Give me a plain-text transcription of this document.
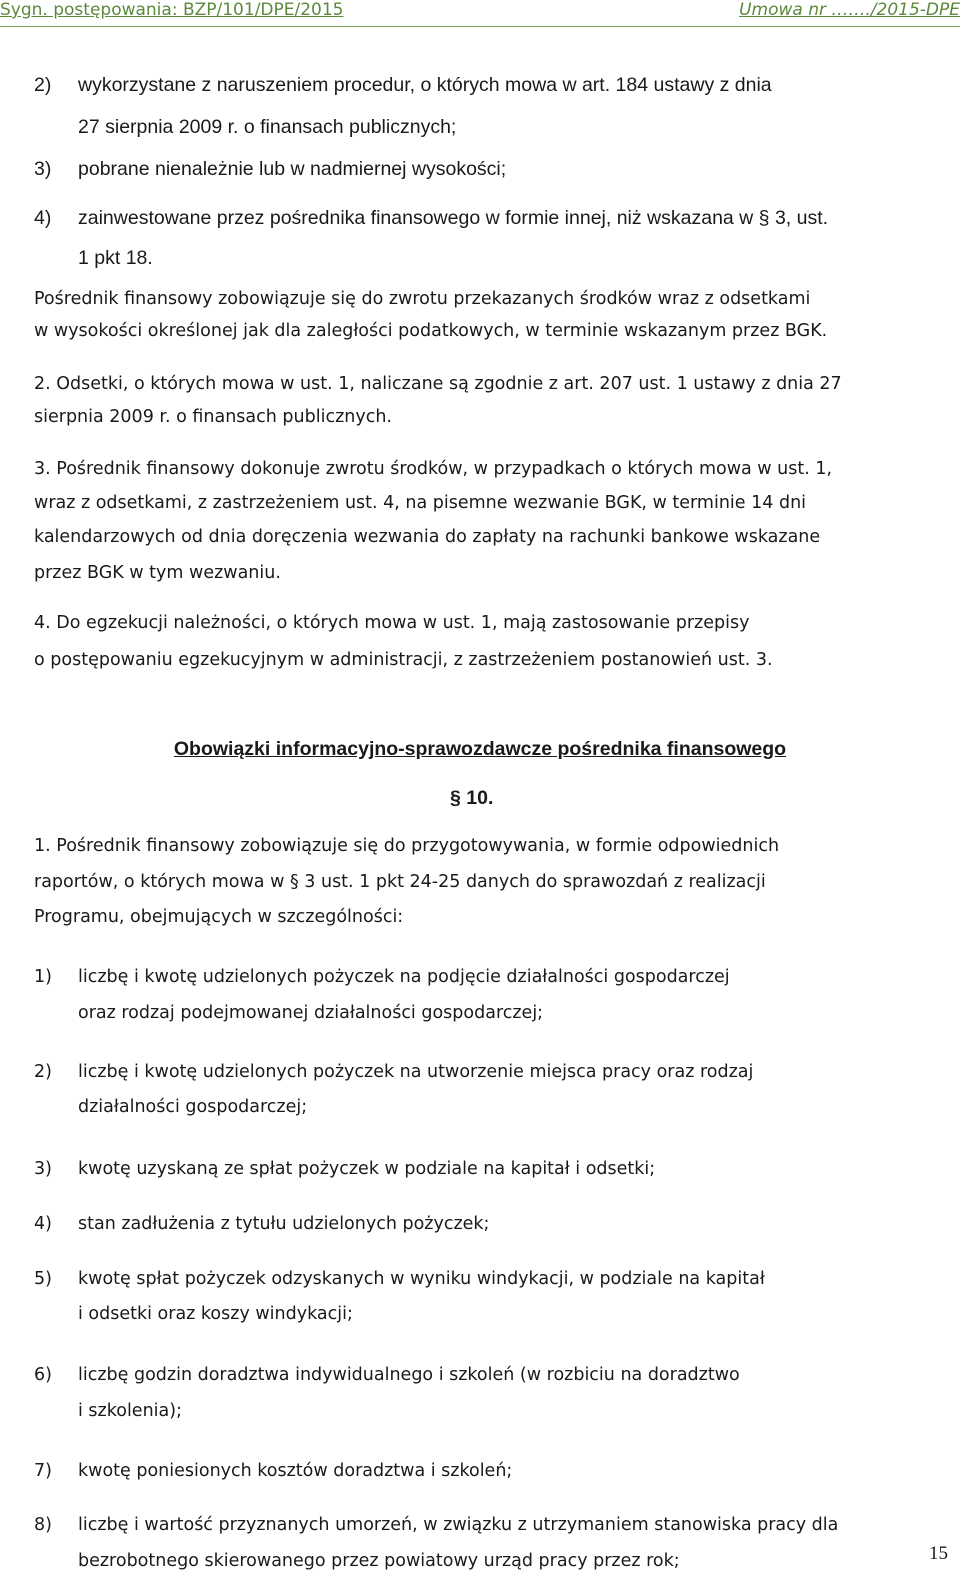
Sygn. postępowania: BZP/101/DPE/2015	Umowa nr ……./2015-DPE
2) wykorzystane z naruszeniem procedur, o których mowa w art. 184 ustawy z dnia
27 sierpnia 2009 r. o finansach publicznych;
3) pobrane nienależnie lub w nadmiernej wysokości;
4) zainwestowane przez pośrednika finansowego w formie innej, niż wskazana w § 3, ust.
1 pkt 18.
Pośrednik finansowy zobowiązuje się do zwrotu przekazanych środków wraz z odsetkami
w wysokości określonej jak dla zaległości podatkowych, w terminie wskazanym przez BGK.
2. Odsetki, o których mowa w ust. 1, naliczane są zgodnie z art. 207 ust. 1 ustawy z dnia 27
sierpnia 2009 r. o finansach publicznych.
3. Pośrednik finansowy dokonuje zwrotu środków, w przypadkach o których mowa w ust. 1,
wraz z odsetkami, z zastrzeżeniem ust. 4, na pisemne wezwanie BGK, w terminie 14 dni
kalendarzowych od dnia doręczenia wezwania do zapłaty na rachunki bankowe wskazane
przez BGK w tym wezwaniu.
4. Do egzekucji należności, o których mowa w ust. 1, mają zastosowanie przepisy
o postępowaniu egzekucyjnym w administracji, z zastrzeżeniem postanowień ust. 3.
Obowiązki informacyjno-sprawozdawcze pośrednika finansowego
§ 10.
1. Pośrednik finansowy zobowiązuje się do przygotowywania, w formie odpowiednich
raportów, o których mowa w § 3 ust. 1 pkt 24-25 danych do sprawozdań z realizacji
Programu, obejmujących w szczególności:
1) liczbę i kwotę udzielonych pożyczek na podjęcie działalności gospodarczej
oraz rodzaj podejmowanej działalności gospodarczej;
2) liczbę i kwotę udzielonych pożyczek na utworzenie miejsca pracy oraz rodzaj
działalności gospodarczej;
3) kwotę uzyskaną ze spłat pożyczek w podziale na kapitał i odsetki;
4) stan zadłużenia z tytułu udzielonych pożyczek;
5) kwotę spłat pożyczek odzyskanych w wyniku windykacji, w podziale na kapitał
i odsetki oraz koszy windykacji;
6) liczbę godzin doradztwa indywidualnego i szkoleń (w rozbiciu na doradztwo
i szkolenia);
7) kwotę poniesionych kosztów doradztwa i szkoleń;
8) liczbę i wartość przyznanych umorzeń, w związku z utrzymaniem stanowiska pracy dla
bezrobotnego skierowanego przez powiatowy urząd pracy przez rok;	15
